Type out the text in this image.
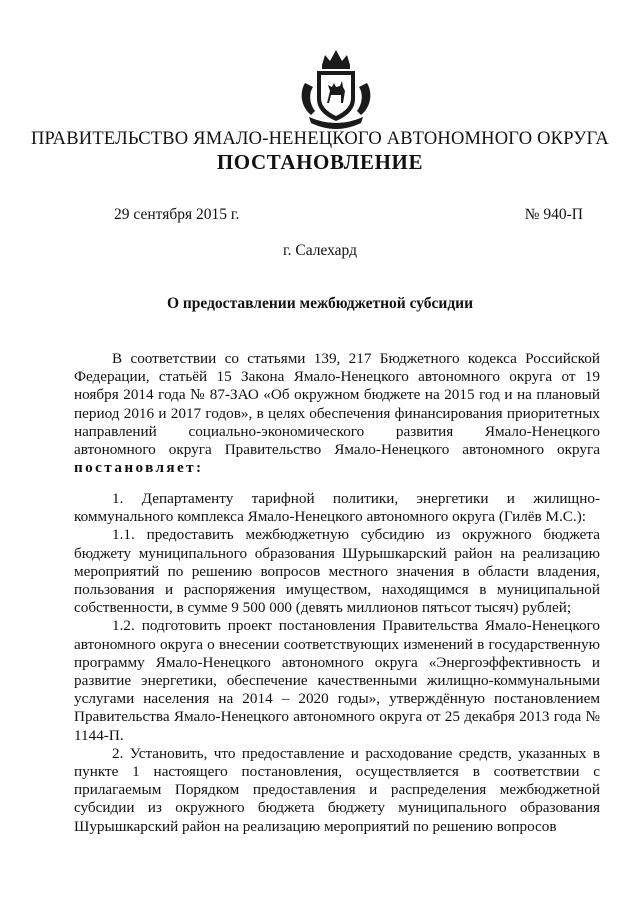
ПРАВИТЕЛЬСТВО ЯМАЛО-НЕНЕЦКОГО АВТОНОМНОГО ОКРУГА
ПОСТАНОВЛЕНИЕ
29 сентября 2015 г.	№ 940-П
г. Салехард
О предоставлении межбюджетной субсидии

В соответствии со статьями 139, 217 Бюджетного кодекса Российской Федерации, статьёй 15 Закона Ямало-Ненецкого автономного округа от 19 ноября 2014 года № 87-ЗАО «Об окружном бюджете на 2015 год и на плановый период 2016 и 2017 годов», в целях обеспечения финансирования приоритетных направлений социально-экономического развития Ямало-Ненецкого автономного округа Правительство Ямало-Ненецкого автономного округа постановляет:

1. Департаменту тарифной политики, энергетики и жилищно-коммунального комплекса Ямало-Ненецкого автономного округа (Гилёв М.С.):

1.1. предоставить межбюджетную субсидию из окружного бюджета бюджету муниципального образования Шурышкарский район на реализацию мероприятий по решению вопросов местного значения в области владения, пользования и распоряжения имуществом, находящимся в муниципальной собственности, в сумме 9 500 000 (девять миллионов пятьсот тысяч) рублей;

1.2. подготовить проект постановления Правительства Ямало-Ненецкого автономного округа о внесении соответствующих изменений в государственную программу Ямало-Ненецкого автономного округа «Энергоэффективность и развитие энергетики, обеспечение качественными жилищно-коммунальными услугами населения на 2014 – 2020 годы», утверждённую постановлением Правительства Ямало-Ненецкого автономного округа от 25 декабря 2013 года № 1144-П.

2. Установить, что предоставление и расходование средств, указанных в пункте 1 настоящего постановления, осуществляется в соответствии с прилагаемым Порядком предоставления и распределения межбюджетной субсидии из окружного бюджета бюджету муниципального образования Шурышкарский район на реализацию мероприятий по решению вопросов
